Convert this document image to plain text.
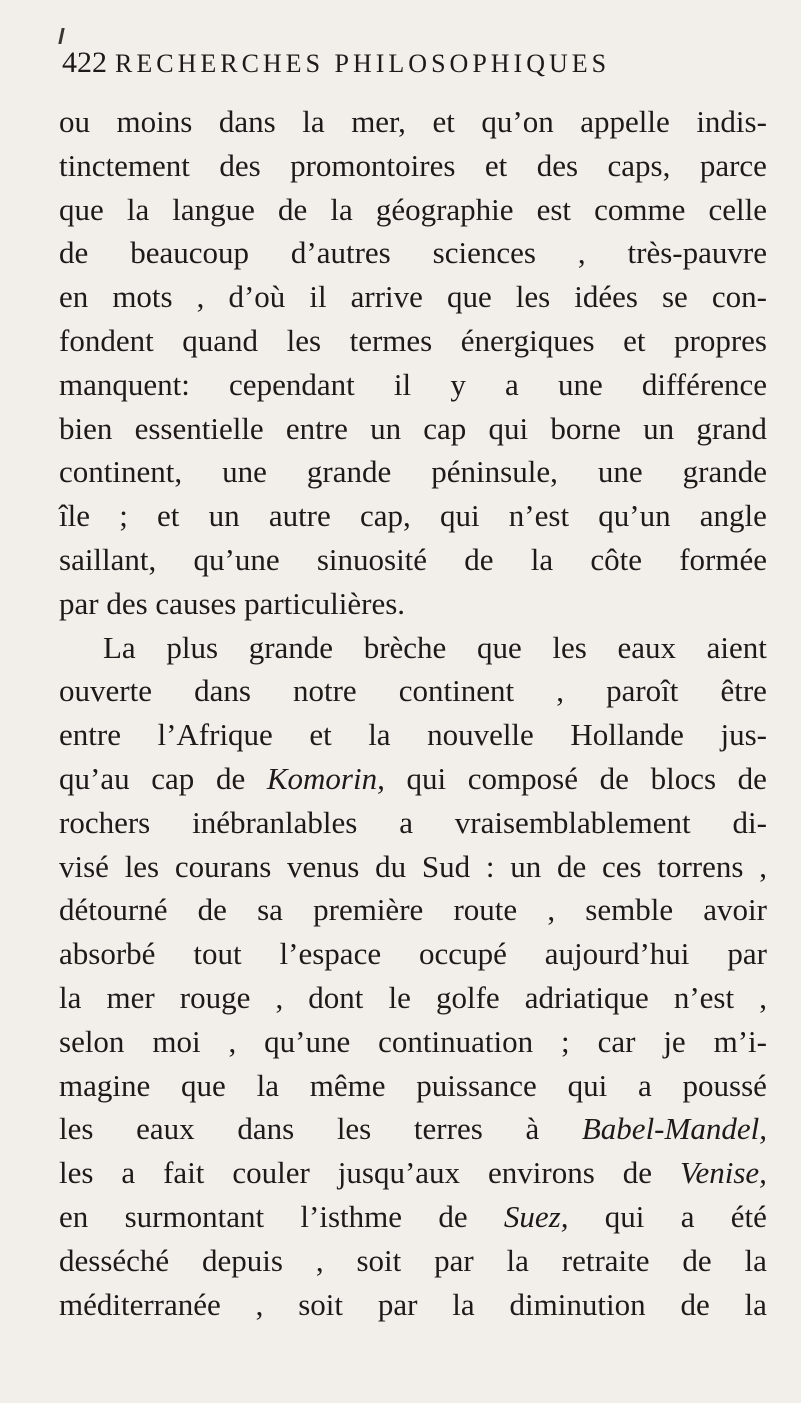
422 RECHERCHES PHILOSOPHIQUES
ou moins dans la mer, et qu’on appelle indis-
tinctement des promontoires et des caps, parce
que la langue de la géographie est comme celle
de beaucoup d’autres sciences , très-pauvre
en mots , d’où il arrive que les idées se con-
fondent quand les termes énergiques et propres
manquent: cependant il y a une différence
bien essentielle entre un cap qui borne un grand
continent, une grande péninsule, une grande
île ; et un autre cap, qui n’est qu’un angle
saillant, qu’une sinuosité de la côte formée
par des causes particulières.
La plus grande brèche que les eaux aient
ouverte dans notre continent , paroît être
entre l’Afrique et la nouvelle Hollande jus-
qu’au cap de Komorin, qui composé de blocs de
rochers inébranlables a vraisemblablement di-
visé les courans venus du Sud : un de ces torrens ,
détourné de sa première route , semble avoir
absorbé tout l’espace occupé aujourd’hui par
la mer rouge , dont le golfe adriatique n’est ,
selon moi , qu’une continuation ; car je m’i-
magine que la même puissance qui a poussé
les eaux dans les terres à Babel-Mandel,
les a fait couler jusqu’aux environs de Venise,
en surmontant l’isthme de Suez, qui a été
desséché depuis , soit par la retraite de la
méditerranée , soit par la diminution de la
